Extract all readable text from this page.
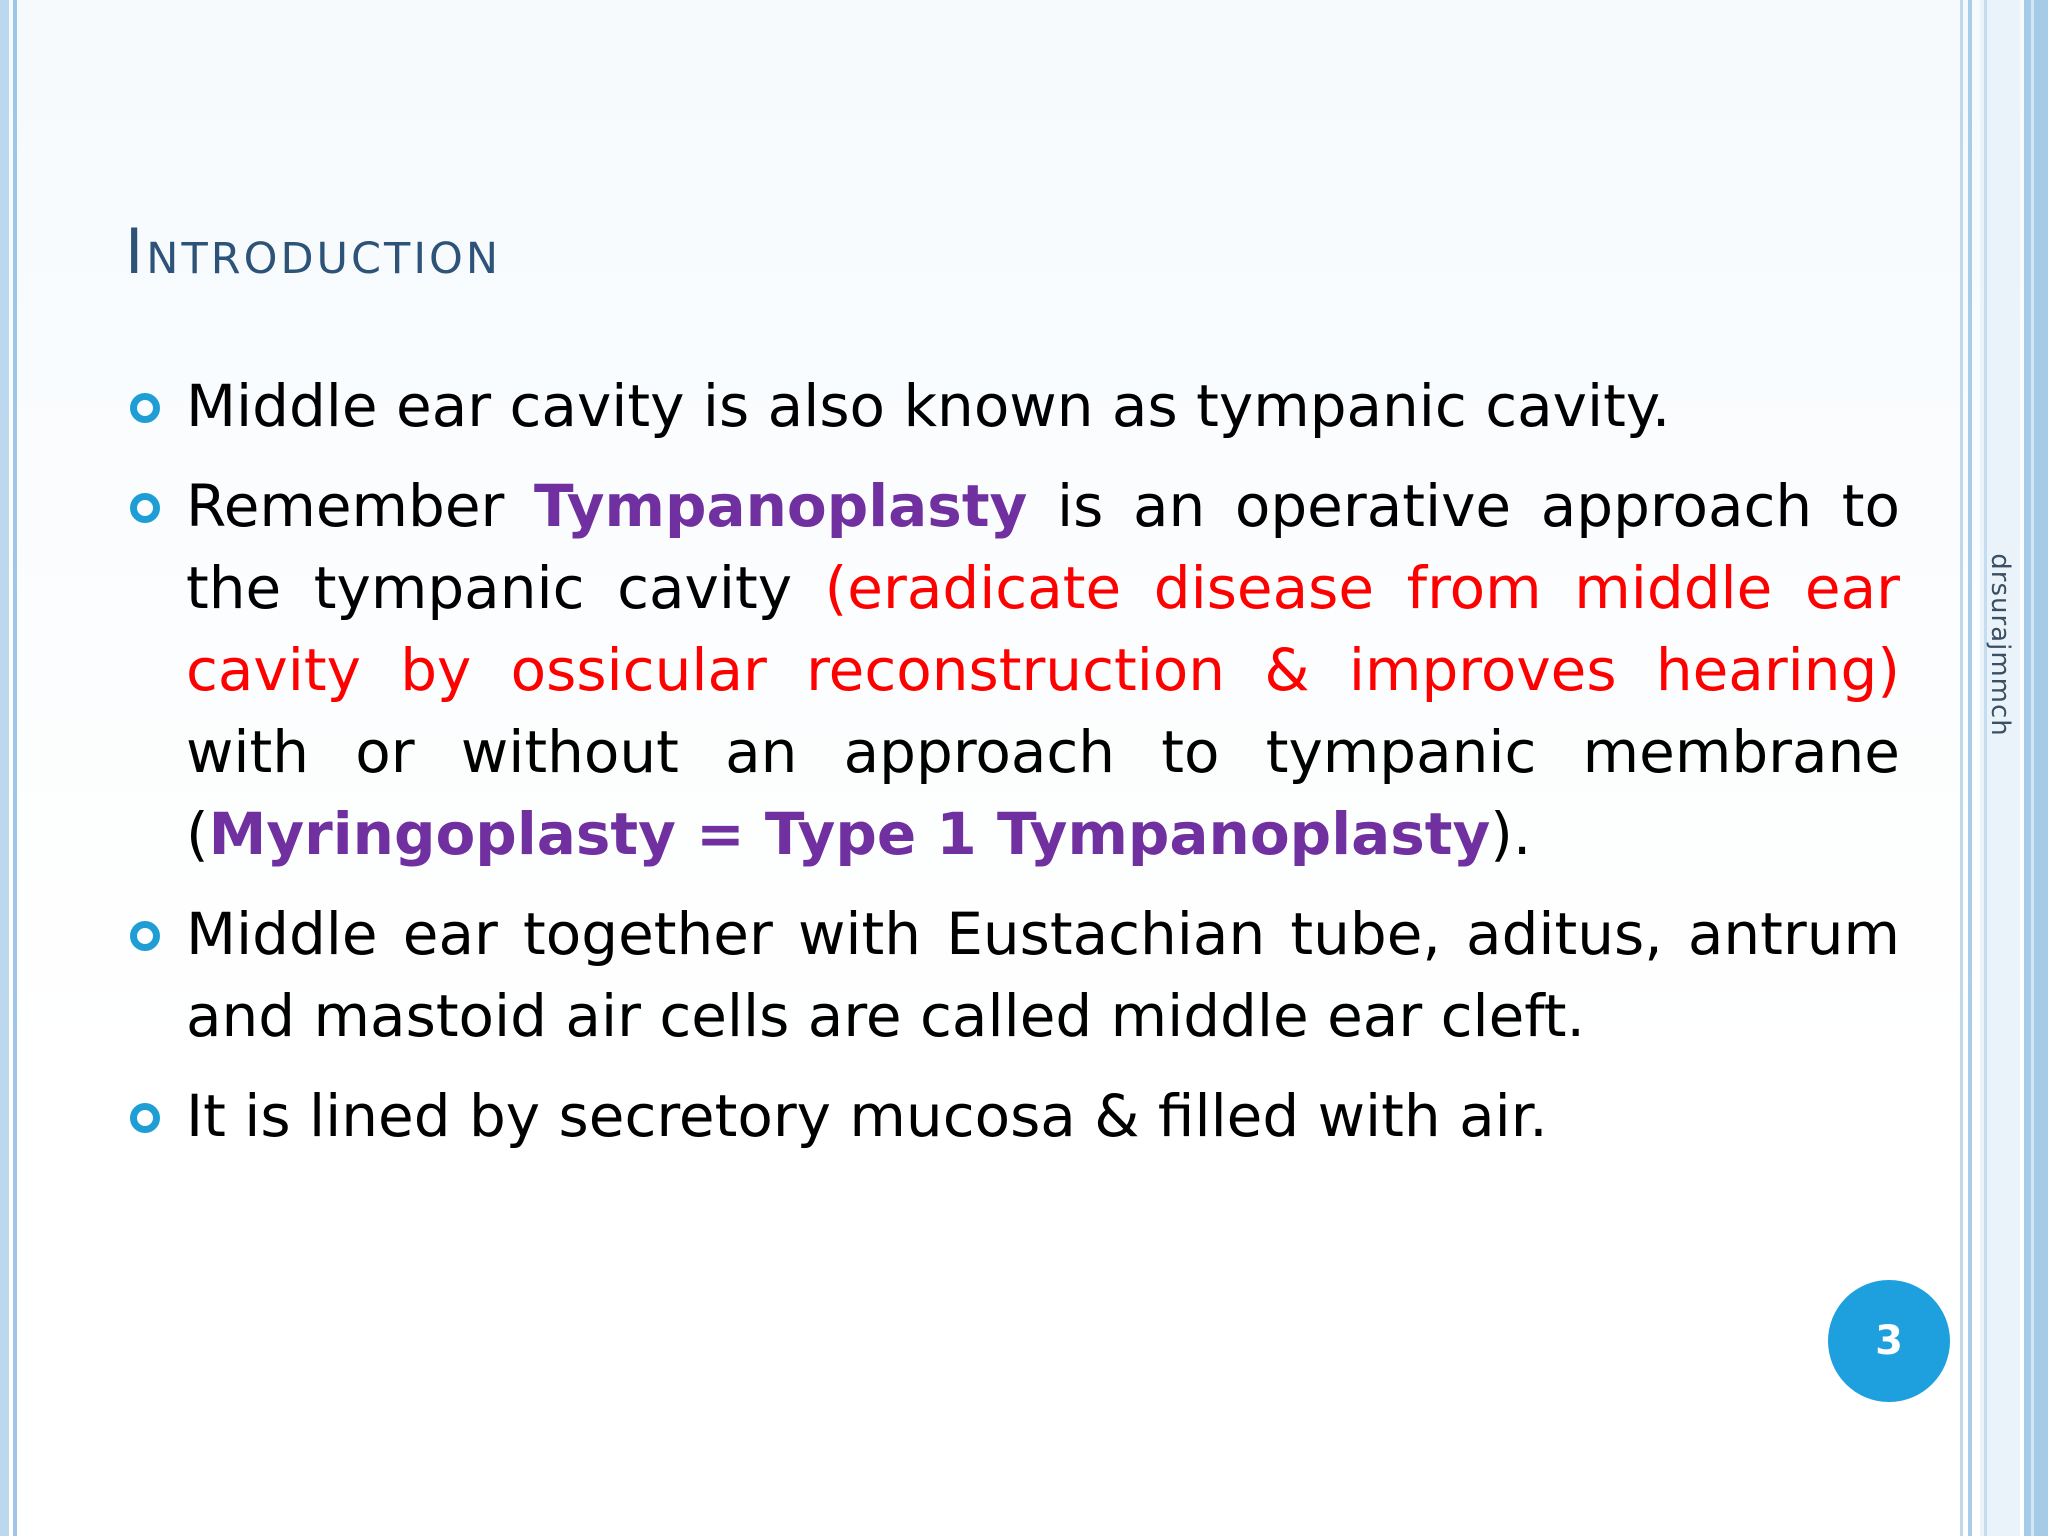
drsurajmmch
Introduction
Middle ear cavity is also known as tympanic cavity.
Remember Tympanoplasty is an operative approach to the tympanic cavity (eradicate disease from middle ear cavity by ossicular reconstruction & improves hearing) with or without an approach to tympanic membrane (Myringoplasty = Type 1 Tympanoplasty).
Middle ear together with Eustachian tube, aditus, antrum and mastoid air cells are called middle ear cleft.
It is lined by secretory mucosa & filled with air.
3
